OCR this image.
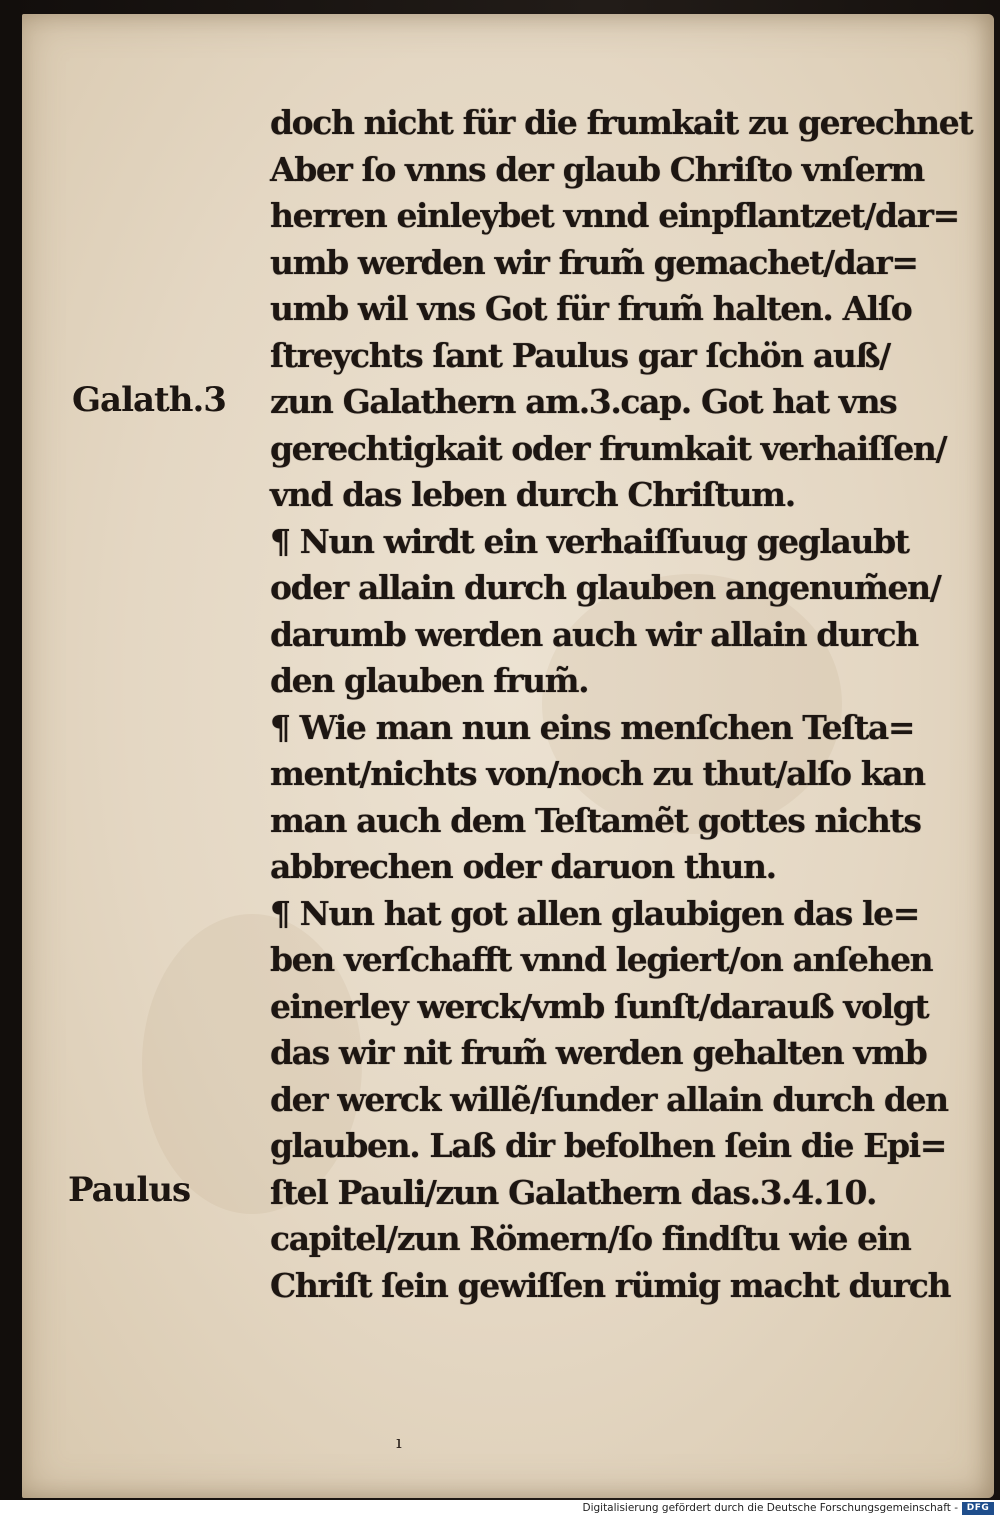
Galath.3
Paulus
doch nicht für die frumkait zu gerechnet
Aber ſo vnns der glaub Chriſto vnſerm
herren einleybet vnnd einpflantzet/dar=
umb werden wir frum̃ gemachet/dar=
umb wil vns Got für frum̃ halten. Alſo
ſtreychts ſant Paulus gar ſchön auß/
zun Galathern am.3.cap. Got hat vns
gerechtigkait oder frumkait verhaiſſen/
vnd das leben durch Chriſtum.
¶ Nun wirdt ein verhaiſſuug geglaubt
oder allain durch glauben angenum̃en/
darumb werden auch wir allain durch
den glauben frum̃.
¶ Wie man nun eins menſchen Teſta=
ment/nichts von/noch zu thut/alſo kan
man auch dem Teſtamẽt gottes nichts
abbrechen oder daruon thun.
¶ Nun hat got allen glaubigen das le=
ben verſchafft vnnd legiert/on anſehen
einerley werck/vmb ſunſt/darauß volgt
das wir nit frum̃ werden gehalten vmb
der werck willẽ/ſunder allain durch den
glauben. Laß dir befolhen ſein die Epi=
ſtel Pauli/zun Galathern das.3.4.10.
capitel/zun Römern/ſo findſtu wie ein
Chriſt ſein gewiſſen rümig macht durch
ı
Digitalisierung gefördert durch die Deutsche Forschungsgemeinschaft - DFG
